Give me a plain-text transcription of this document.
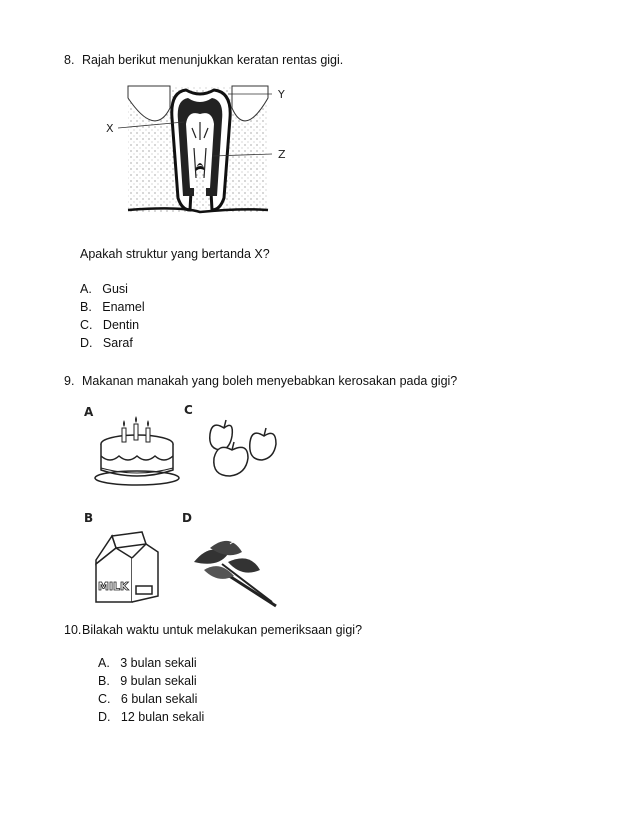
8. Rajah berikut menunjukkan keratan rentas gigi.
X
Y
Z
Apakah struktur yang bertanda X?
A. Gusi
B. Enamel
C. Dentin
D. Saraf
9. Makanan manakah yang boleh menyebabkan kerosakan pada gigi?
A	C
B
MILK
D
10. Bilakah waktu untuk melakukan pemeriksaan gigi?
A. 3 bulan sekali
B. 9 bulan sekali
C. 6 bulan sekali
D. 12 bulan sekali
